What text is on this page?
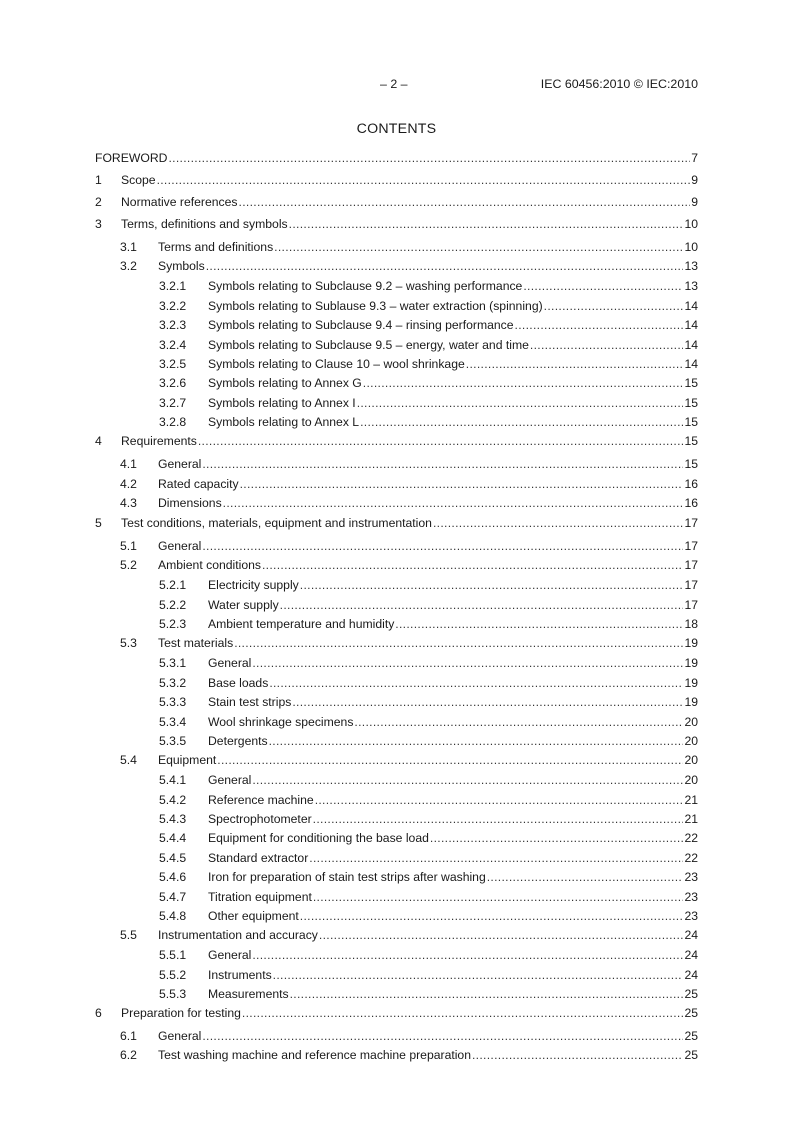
– 2 –	IEC 60456:2010 © IEC:2010
CONTENTS
FOREWORD .....	7
1	Scope .....	9
2	Normative references .....	9
3	Terms, definitions and symbols .....	10
3.1	Terms and definitions .....	10
3.2	Symbols .....	13
3.2.1	Symbols relating to Subclause 9.2 – washing performance .....	13
3.2.2	Symbols relating to Sublause 9.3 – water extraction (spinning) .....	14
3.2.3	Symbols relating to Subclause 9.4 – rinsing performance .....	14
3.2.4	Symbols relating to Subclause 9.5 – energy, water and time .....	14
3.2.5	Symbols relating to Clause 10 – wool shrinkage .....	14
3.2.6	Symbols relating to Annex G .....	15
3.2.7	Symbols relating to Annex I .....	15
3.2.8	Symbols relating to Annex L .....	15
4	Requirements .....	15
4.1	General .....	15
4.2	Rated capacity .....	16
4.3	Dimensions .....	16
5	Test conditions, materials, equipment and instrumentation .....	17
5.1	General .....	17
5.2	Ambient conditions .....	17
5.2.1	Electricity supply .....	17
5.2.2	Water supply .....	17
5.2.3	Ambient temperature and humidity .....	18
5.3	Test materials .....	19
5.3.1	General .....	19
5.3.2	Base loads .....	19
5.3.3	Stain test strips .....	19
5.3.4	Wool shrinkage specimens .....	20
5.3.5	Detergents .....	20
5.4	Equipment .....	20
5.4.1	General .....	20
5.4.2	Reference machine .....	21
5.4.3	Spectrophotometer .....	21
5.4.4	Equipment for conditioning the base load .....	22
5.4.5	Standard extractor .....	22
5.4.6	Iron for preparation of stain test strips after washing .....	23
5.4.7	Titration equipment .....	23
5.4.8	Other equipment .....	23
5.5	Instrumentation and accuracy .....	24
5.5.1	General .....	24
5.5.2	Instruments .....	24
5.5.3	Measurements .....	25
6	Preparation for testing .....	25
6.1	General .....	25
6.2	Test washing machine and reference machine preparation .....	25
